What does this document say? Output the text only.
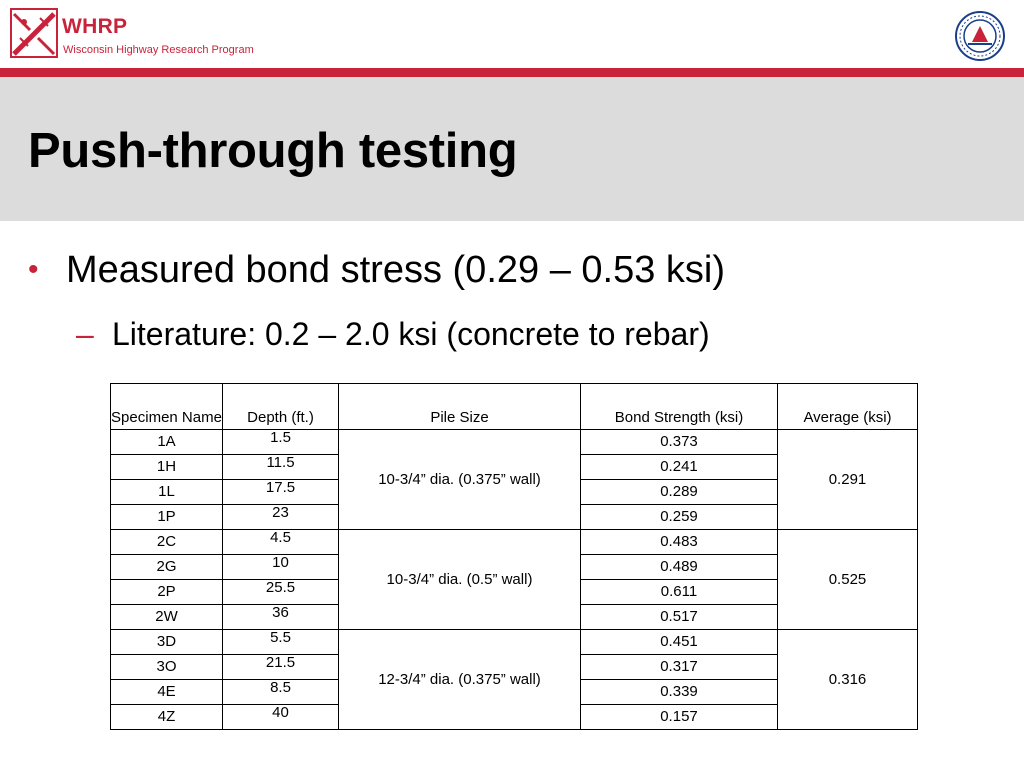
WHRP
Wisconsin Highway Research Program
Push-through testing
• Measured bond stress (0.29 – 0.53 ksi)
– Literature: 0.2 – 2.0 ksi (concrete to rebar)
Specimen Name	Depth (ft.)	Pile Size	Bond Strength (ksi)	Average (ksi)
1A	1.5	10-3/4” dia. (0.375” wall)	0.373	0.291
1H	11.5		0.241	
1L	17.5		0.289	
1P	23		0.259	
2C	4.5	10-3/4” dia. (0.5” wall)	0.483	0.525
2G	10		0.489	
2P	25.5		0.611	
2W	36		0.517	
3D	5.5	12-3/4” dia. (0.375” wall)	0.451	0.316
3O	21.5		0.317	
4E	8.5		0.339	
4Z	40		0.157	
